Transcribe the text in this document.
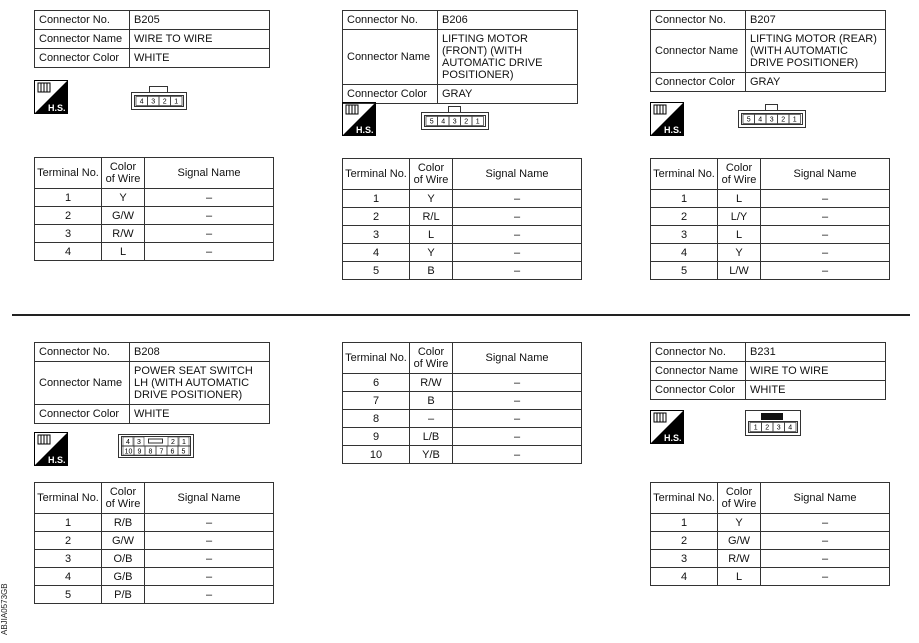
Connector No.	B205
Connector Name	WIRE TO WIRE
Connector Color	WHITE
H.S.
4 3 2 1
Terminal No.	Color of Wire	Signal Name
1	Y	–
2	G/W	–
3	R/W	–
4	L	–
Connector No.	B206
Connector Name	LIFTING MOTOR (FRONT) (WITH AUTOMATIC DRIVE POSITIONER)
Connector Color	GRAY
H.S.
5 4 3 2 1
Terminal No.	Color of Wire	Signal Name
1	Y	–
2	R/L	–
3	L	–
4	Y	–
5	B	–
Connector No.	B207
Connector Name	LIFTING MOTOR (REAR) (WITH AUTOMATIC DRIVE POSITIONER)
Connector Color	GRAY
H.S.
5 4 3 2 1
Terminal No.	Color of Wire	Signal Name
1	L	–
2	L/Y	–
3	L	–
4	Y	–
5	L/W	–
Connector No.	B208
Connector Name	POWER SEAT SWITCH LH (WITH AUTOMATIC DRIVE POSITIONER)
Connector Color	WHITE
H.S.
4 3	2 1
10 9 8 7 6 5
Terminal No.	Color of Wire	Signal Name
1	R/B	–
2	G/W	–
3	O/B	–
4	G/B	–
5	P/B	–
Terminal No.	Color of Wire	Signal Name
6	R/W	–
7	B	–
8	–	–
9	L/B	–
10	Y/B	–
Connector No.	B231
Connector Name	WIRE TO WIRE
Connector Color	WHITE
H.S.
1 2 3 4
Terminal No.	Color of Wire	Signal Name
1	Y	–
2	G/W	–
3	R/W	–
4	L	–
ABJIA0573GB
